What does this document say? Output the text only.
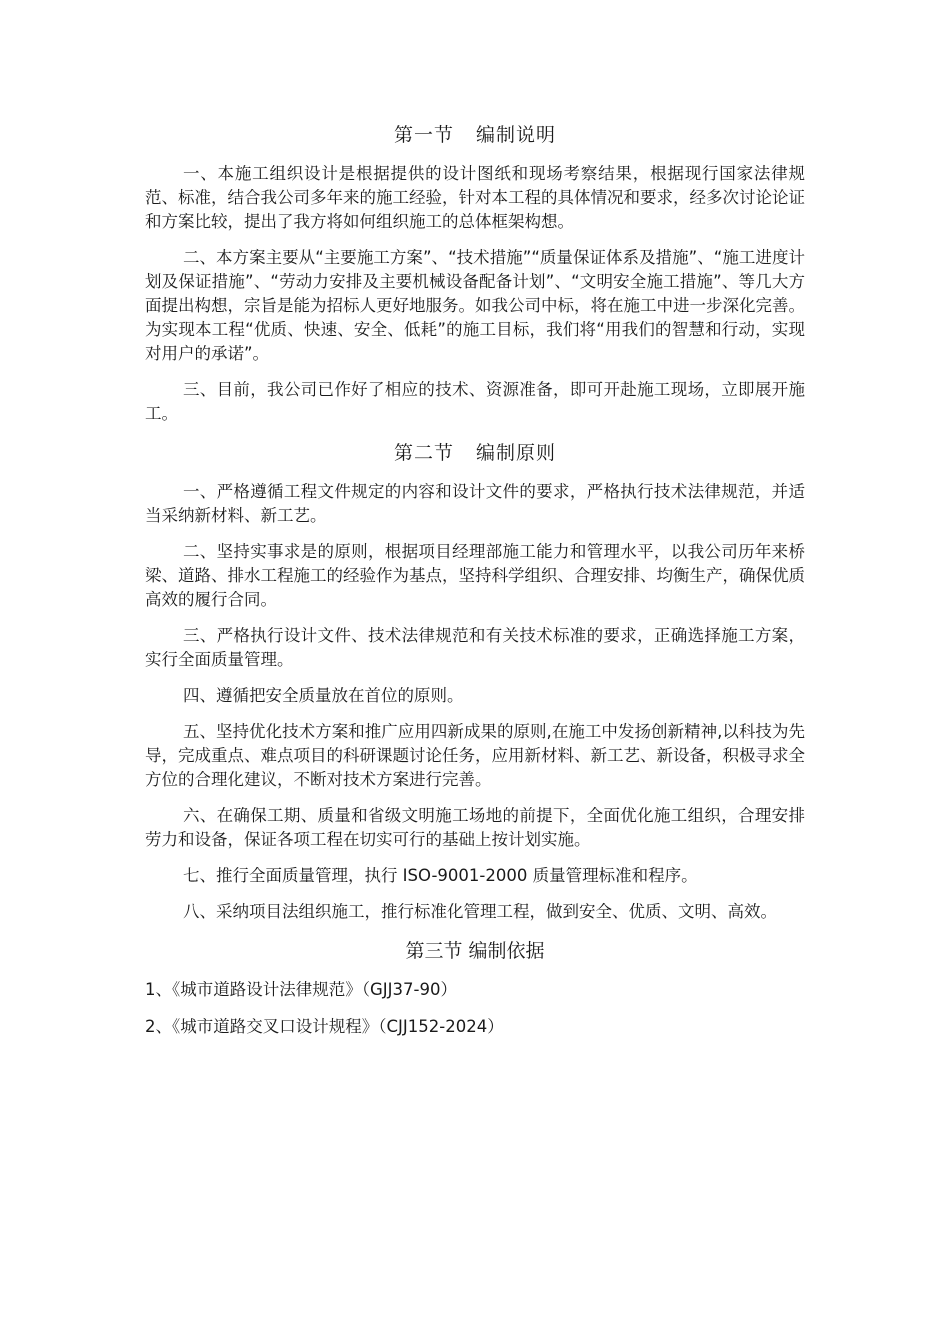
第一节 编制说明

一、本施工组织设计是根据提供的设计图纸和现场考察结果，根据现行国家法律规范、标准，结合我公司多年来的施工经验，针对本工程的具体情况和要求，经多次讨论论证和方案比较，提出了我方将如何组织施工的总体框架构想。

二、本方案主要从“主要施工方案”、“技术措施”“质量保证体系及措施”、“施工进度计划及保证措施”、“劳动力安排及主要机械设备配备计划”、“文明安全施工措施”、等几大方面提出构想，宗旨是能为招标人更好地服务。如我公司中标，将在施工中进一步深化完善。为实现本工程“优质、快速、安全、低耗”的施工目标，我们将“用我们的智慧和行动，实现对用户的承诺”。

三、目前，我公司已作好了相应的技术、资源准备，即可开赴施工现场，立即展开施工。

第二节 编制原则

一、严格遵循工程文件规定的内容和设计文件的要求，严格执行技术法律规范，并适当采纳新材料、新工艺。

二、坚持实事求是的原则，根据项目经理部施工能力和管理水平，以我公司历年来桥梁、道路、排水工程施工的经验作为基点，坚持科学组织、合理安排、均衡生产，确保优质高效的履行合同。

三、严格执行设计文件、技术法律规范和有关技术标准的要求，正确选择施工方案，实行全面质量管理。

四、遵循把安全质量放在首位的原则。

五、坚持优化技术方案和推广应用四新成果的原则,在施工中发扬创新精神,以科技为先导，完成重点、难点项目的科研课题讨论任务，应用新材料、新工艺、新设备，积极寻求全方位的合理化建议，不断对技术方案进行完善。

六、在确保工期、质量和省级文明施工场地的前提下，全面优化施工组织，合理安排劳力和设备，保证各项工程在切实可行的基础上按计划实施。

七、推行全面质量管理，执行 ISO-9001-2000 质量管理标准和程序。

八、采纳项目法组织施工，推行标准化管理工程，做到安全、优质、文明、高效。

第三节 编制依据

1、《城市道路设计法律规范》（GJJ37-90）

2、《城市道路交叉口设计规程》（CJJ152-2024）
